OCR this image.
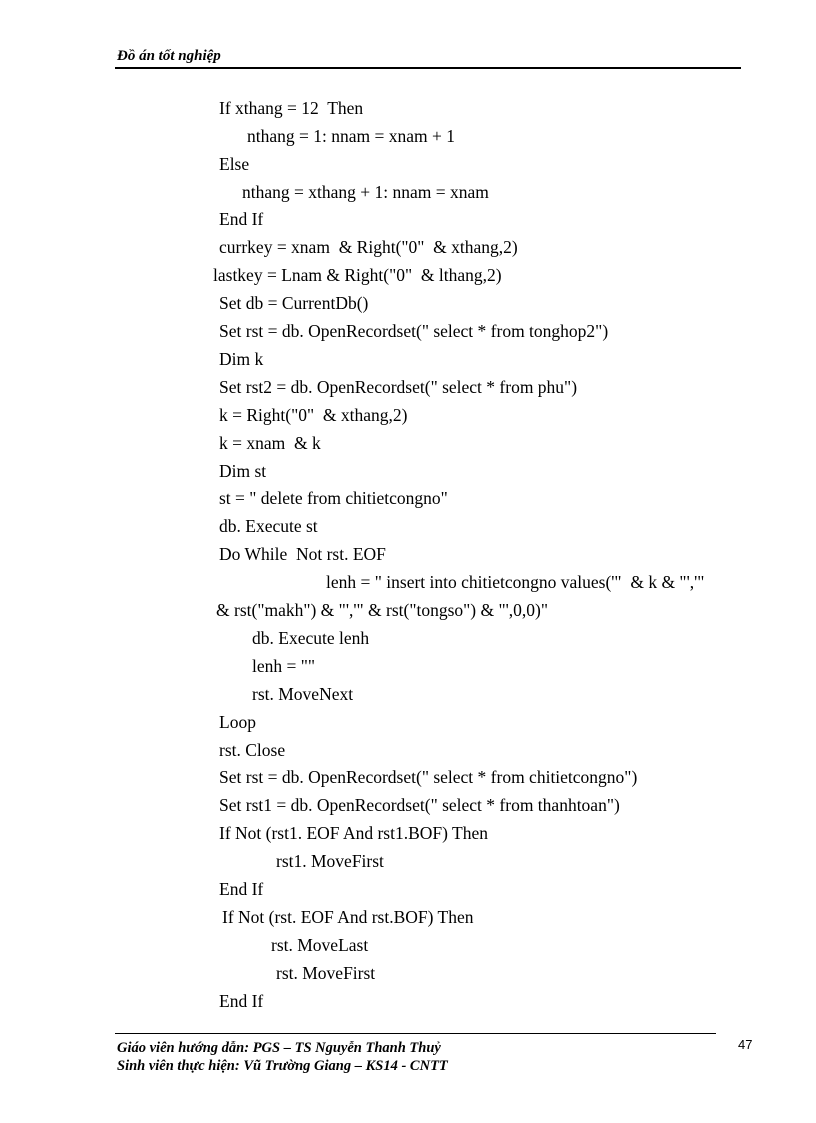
Đồ án tốt nghiệp
If xthang = 12  Then
nthang = 1: nnam = xnam + 1
Else
nthang = xthang + 1: nnam = xnam
End If
currkey = xnam  & Right("0"  & xthang,2)
lastkey = Lnam & Right("0"  & lthang,2)
Set db = CurrentDb()
Set rst = db. OpenRecordset(" select * from tonghop2")
Dim k
Set rst2 = db. OpenRecordset(" select * from phu")
k = Right("0"  & xthang,2)
k = xnam  & k
Dim st
st = " delete from chitietcongno"
db. Execute st
Do While  Not rst. EOF
lenh = " insert into chitietcongno values('"  & k & "','"
& rst("makh") & "','" & rst("tongso") & "',0,0)"
db. Execute lenh
lenh = ""
rst. MoveNext
Loop
rst. Close
Set rst = db. OpenRecordset(" select * from chitietcongno")
Set rst1 = db. OpenRecordset(" select * from thanhtoan")
If Not (rst1. EOF And rst1.BOF) Then
rst1. MoveFirst
End If
If Not (rst. EOF And rst.BOF) Then
rst. MoveLast
rst. MoveFirst
End If
Giáo viên hướng dẫn: PGS – TS Nguyễn Thanh Thuỷ
Sinh viên thực hiện: Vũ Trường Giang – KS14 - CNTT
47
